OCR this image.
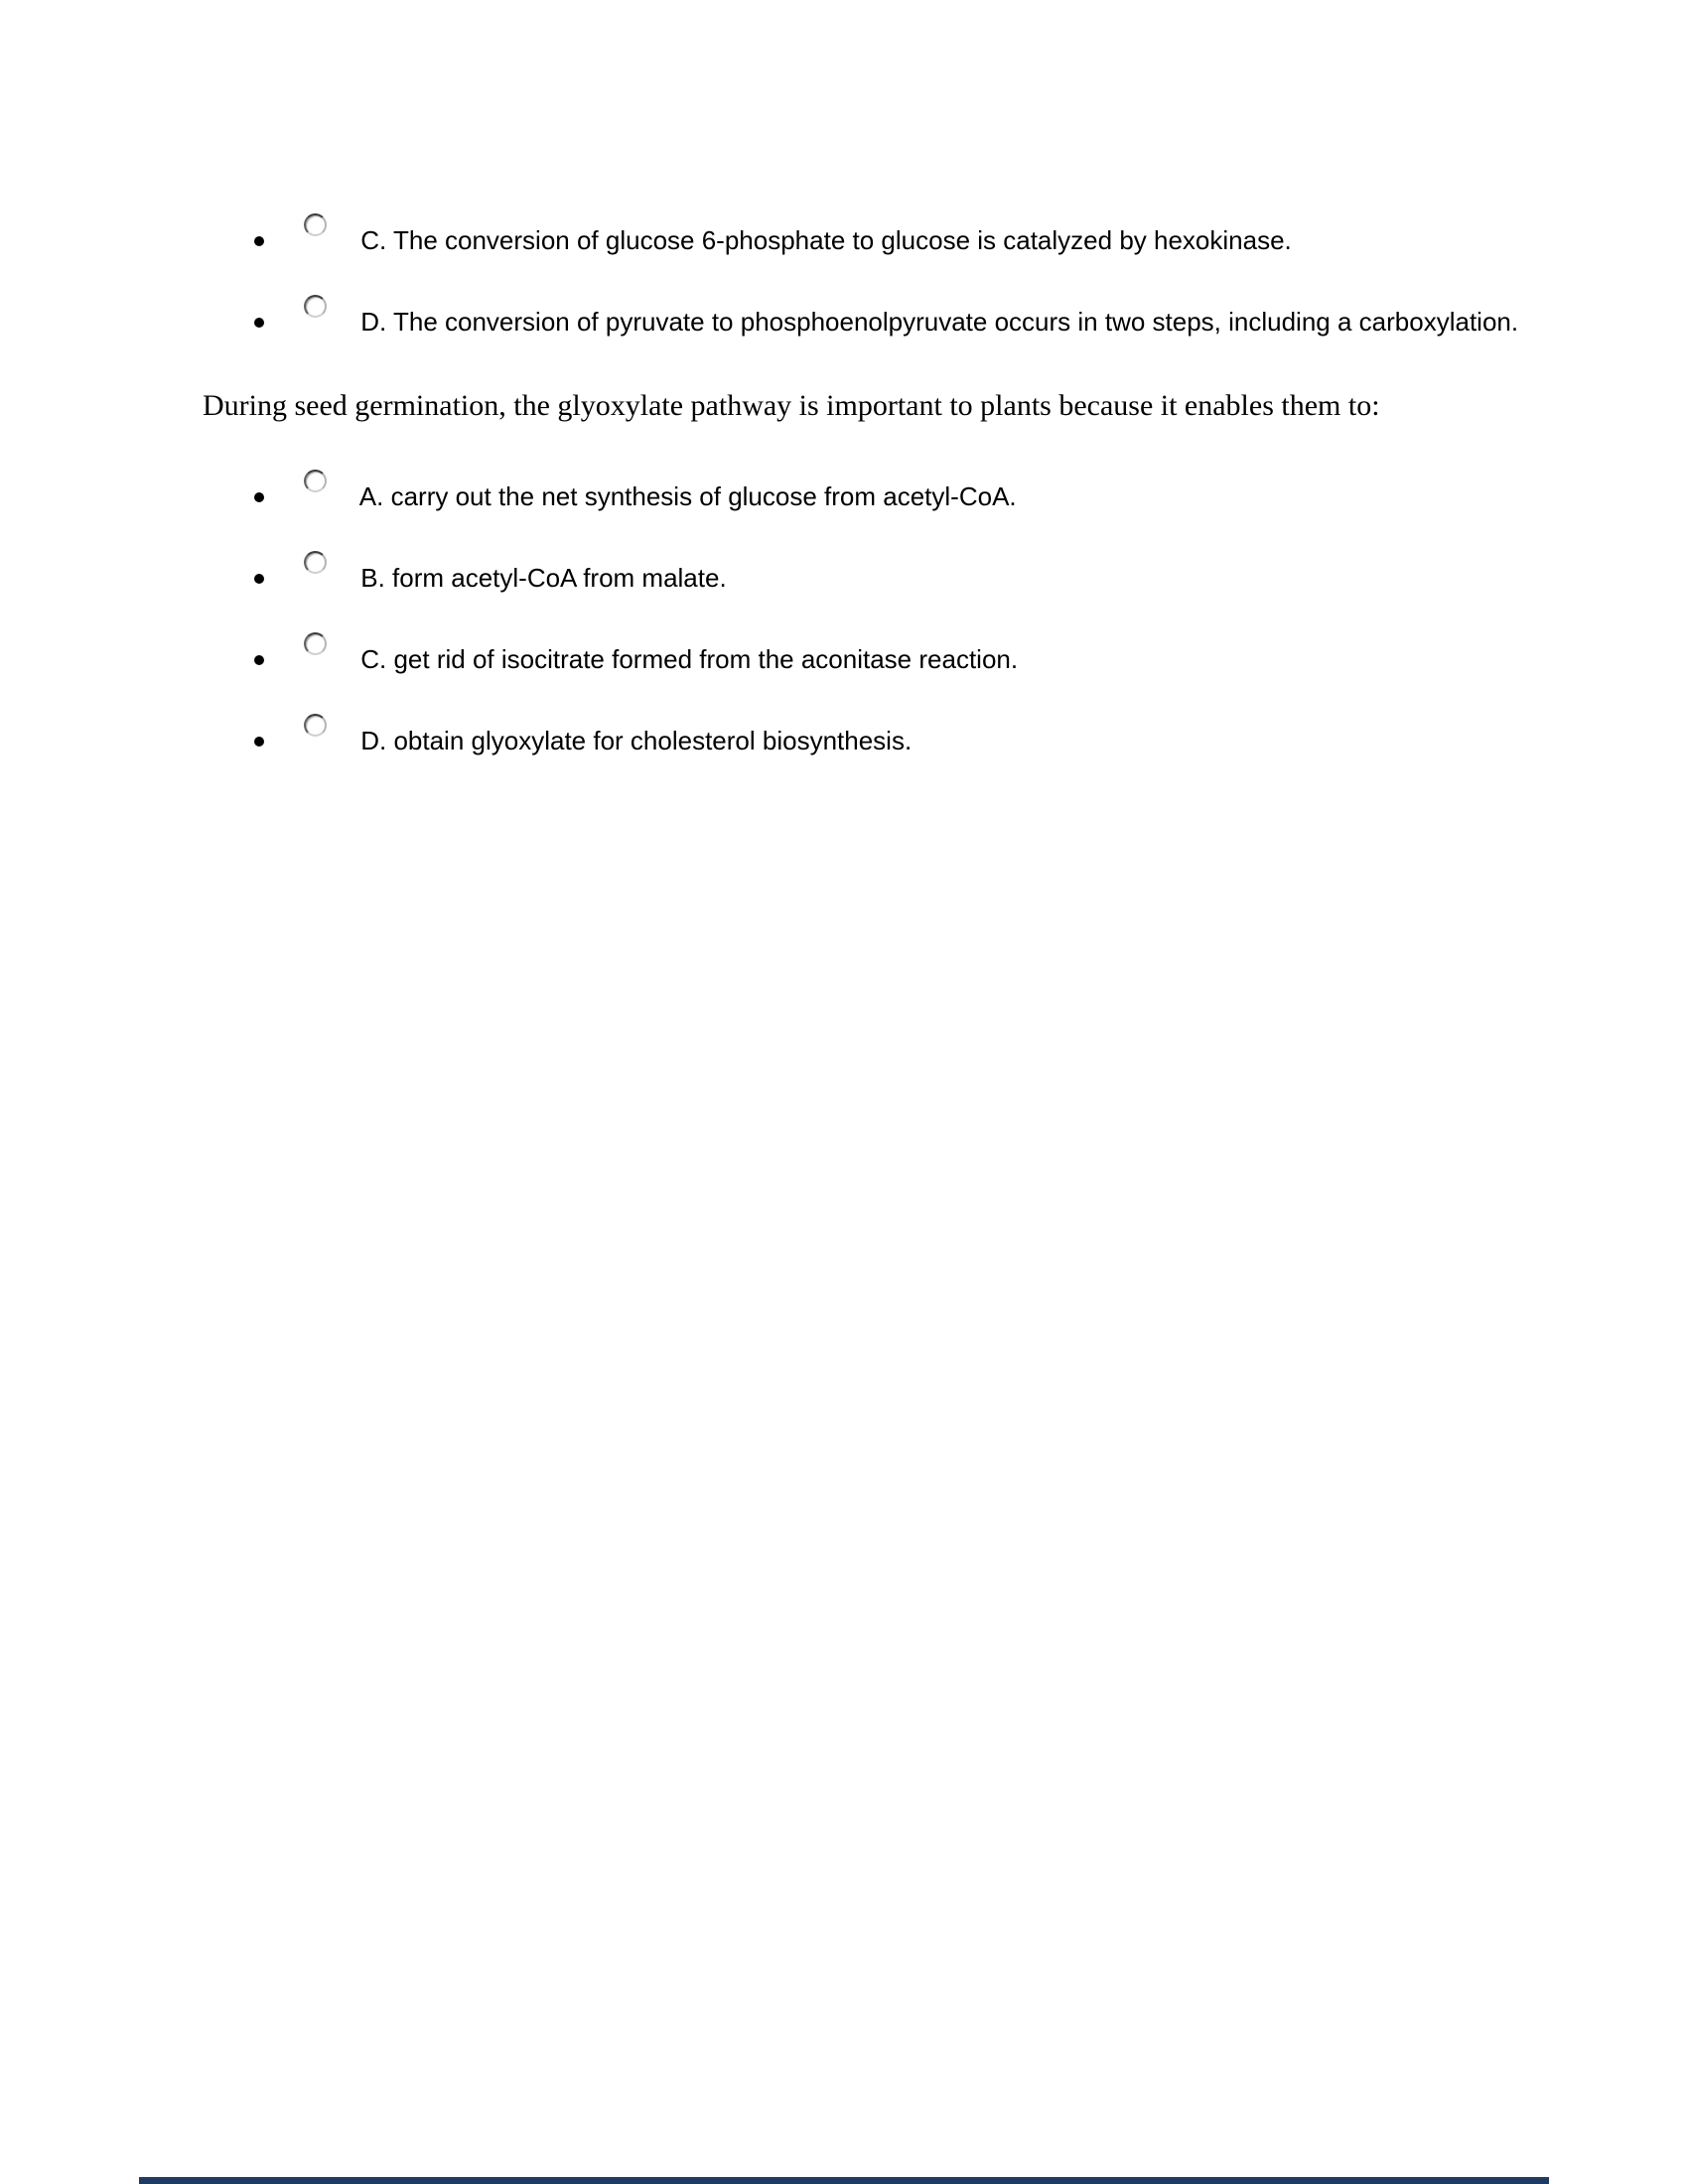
C. The conversion of glucose 6-phosphate to glucose is catalyzed by hexokinase.
D. The conversion of pyruvate to phosphoenolpyruvate occurs in two steps, including a carboxylation.

During seed germination, the glyoxylate pathway is important to plants because it enables them to:

A. carry out the net synthesis of glucose from acetyl-CoA.
B. form acetyl-CoA from malate.
C. get rid of isocitrate formed from the aconitase reaction.
D. obtain glyoxylate for cholesterol biosynthesis.
